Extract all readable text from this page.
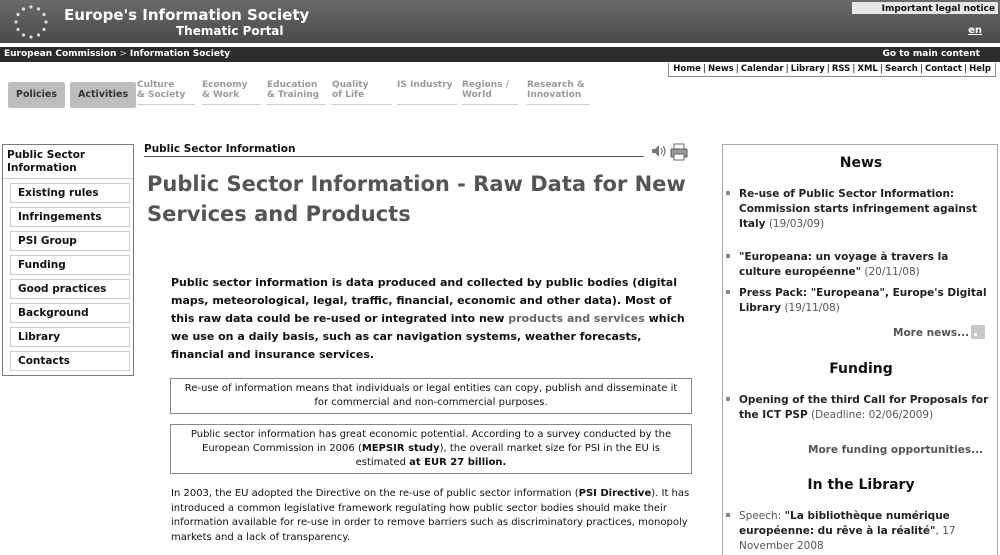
Europe's Information Society
Thematic Portal
Important legal notice
en
European Commission > Information Society	Go to main content
Home | News | Calendar | Library | RSS | XML | Search | Contact | Help
Policies	Activities
Culture
& Society
Economy
& Work
Education
& Training
Quality
of Life
IS Industry
	Regions /
World
Research &
Innovation
Public Sector Information
Existing rules
Infringements
PSI Group
Funding
Good practices
Background
Library
Contacts
Public Sector Information
Public Sector Information - Raw Data for New Services and Products
Public sector information is data produced and collected by public bodies (digital maps, meteorological, legal, traffic, financial, economic and other data). Most of this raw data could be re-used or integrated into new products and services which we use on a daily basis, such as car navigation systems, weather forecasts, financial and insurance services.
Re-use of information means that individuals or legal entities can copy, publish and disseminate it for commercial and non-commercial purposes.
Public sector information has great economic potential. According to a survey conducted by the European Commission in 2006 (MEPSIR study), the overall market size for PSI in the EU is estimated at EUR 27 billion.
In 2003, the EU adopted the Directive on the re-use of public sector information (PSI Directive). It has introduced a common legislative framework regulating how public sector bodies should make their information available for re-use in order to remove barriers such as discriminatory practices, monopoly markets and a lack of transparency.
News
Re-use of Public Sector Information: Commission starts infringement against Italy (19/03/09)
"Europeana: un voyage à travers la culture européenne" (20/11/08)
Press Pack: "Europeana", Europe's Digital Library (19/11/08)
More news...
Funding
Opening of the third Call for Proposals for the ICT PSP (Deadline: 02/06/2009)
More funding opportunities...
In the Library
Speech: "La bibliothèque numérique européenne: du rêve à la réalité", 17 November 2008
